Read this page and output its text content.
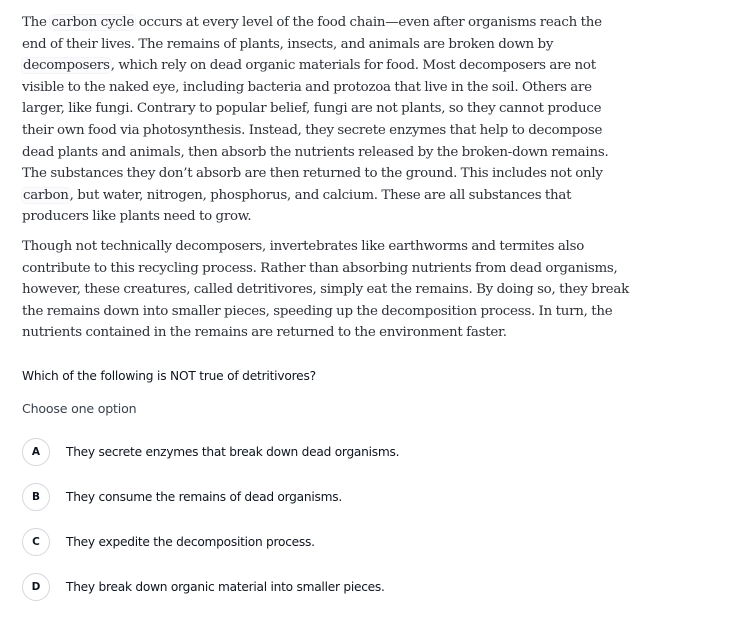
The carbon cycle occurs at every level of the food chain—even after organisms reach the
end of their lives. The remains of plants, insects, and animals are broken down by
decomposers, which rely on dead organic materials for food. Most decomposers are not
visible to the naked eye, including bacteria and protozoa that live in the soil. Others are
larger, like fungi. Contrary to popular belief, fungi are not plants, so they cannot produce
their own food via photosynthesis. Instead, they secrete enzymes that help to decompose
dead plants and animals, then absorb the nutrients released by the broken-down remains.
The substances they don’t absorb are then returned to the ground. This includes not only
carbon, but water, nitrogen, phosphorus, and calcium. These are all substances that
producers like plants need to grow.

Though not technically decomposers, invertebrates like earthworms and termites also
contribute to this recycling process. Rather than absorbing nutrients from dead organisms,
however, these creatures, called detritivores, simply eat the remains. By doing so, they break
the remains down into smaller pieces, speeding up the decomposition process. In turn, the
nutrients contained in the remains are returned to the environment faster.

Which of the following is NOT true of detritivores?
Choose one option
A	They secrete enzymes that break down dead organisms.
B	They consume the remains of dead organisms.
C	They expedite the decomposition process.
D	They break down organic material into smaller pieces.
